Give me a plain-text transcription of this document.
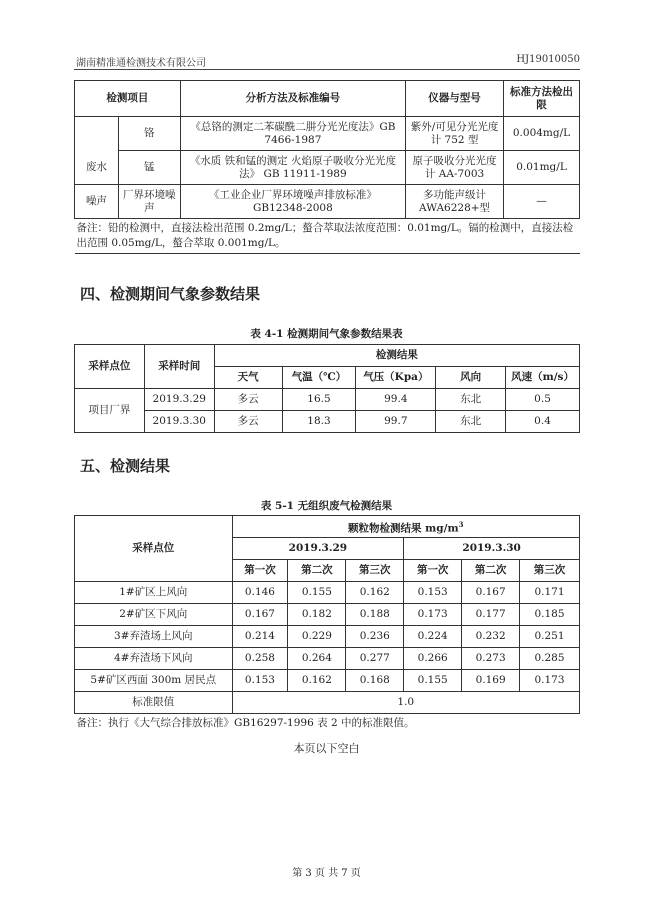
湖南精准通检测技术有限公司	HJ19010050
检测项目		分析方法及标准编号	仪器与型号	标准方法检出限
废水	铬	《总铬的测定二苯碳酰二肼分光光度法》GB 7466-1987	紫外/可见分光光度计 752 型	0.004mg/L
	锰	《水质 铁和锰的测定 火焰原子吸收分光光度法》 GB 11911-1989	原子吸收分光光度计 AA-7003	0.01mg/L
噪声	厂界环境噪声	《工业企业厂界环境噪声排放标准》GB12348-2008	多功能声级计AWA6228+型	—
备注：铅的检测中，直接法检出范围 0.2mg/L；螯合萃取法浓度范围：0.01mg/L。镉的检测中，直接法检出范围 0.05mg/L，螯合萃取 0.001mg/L。				
四、检测期间气象参数结果
表 4-1 检测期间气象参数结果表
采样点位	采样时间	检测结果				
		天气	气温（℃）	气压（Kpa）	风向	风速（m/s）
项目厂界	2019.3.29	多云	16.5	99.4	东北	0.5
	2019.3.30	多云	18.3	99.7	东北	0.4
五、检测结果
表 5-1 无组织废气检测结果
采样点位	颗粒物检测结果 $mg/m^3$
	2019.3.29			2019.3.30		
	第一次	第二次	第三次	第一次	第二次	第三次
1#矿区上风向	0.146	0.155	0.162	0.153	0.167	0.171
2#矿区下风向	0.167	0.182	0.188	0.173	0.177	0.185
3#弃渣场上风向	0.214	0.229	0.236	0.224	0.232	0.251
4#弃渣场下风向	0.258	0.264	0.277	0.266	0.273	0.285
5#矿区西面 300m 居民点	0.153	0.162	0.168	0.155	0.169	0.173
标准限值	1.0					
备注：执行《大气综合排放标准》GB16297-1996 表 2 中的标准限值。						
本页以下空白
第 3 页 共 7 页
